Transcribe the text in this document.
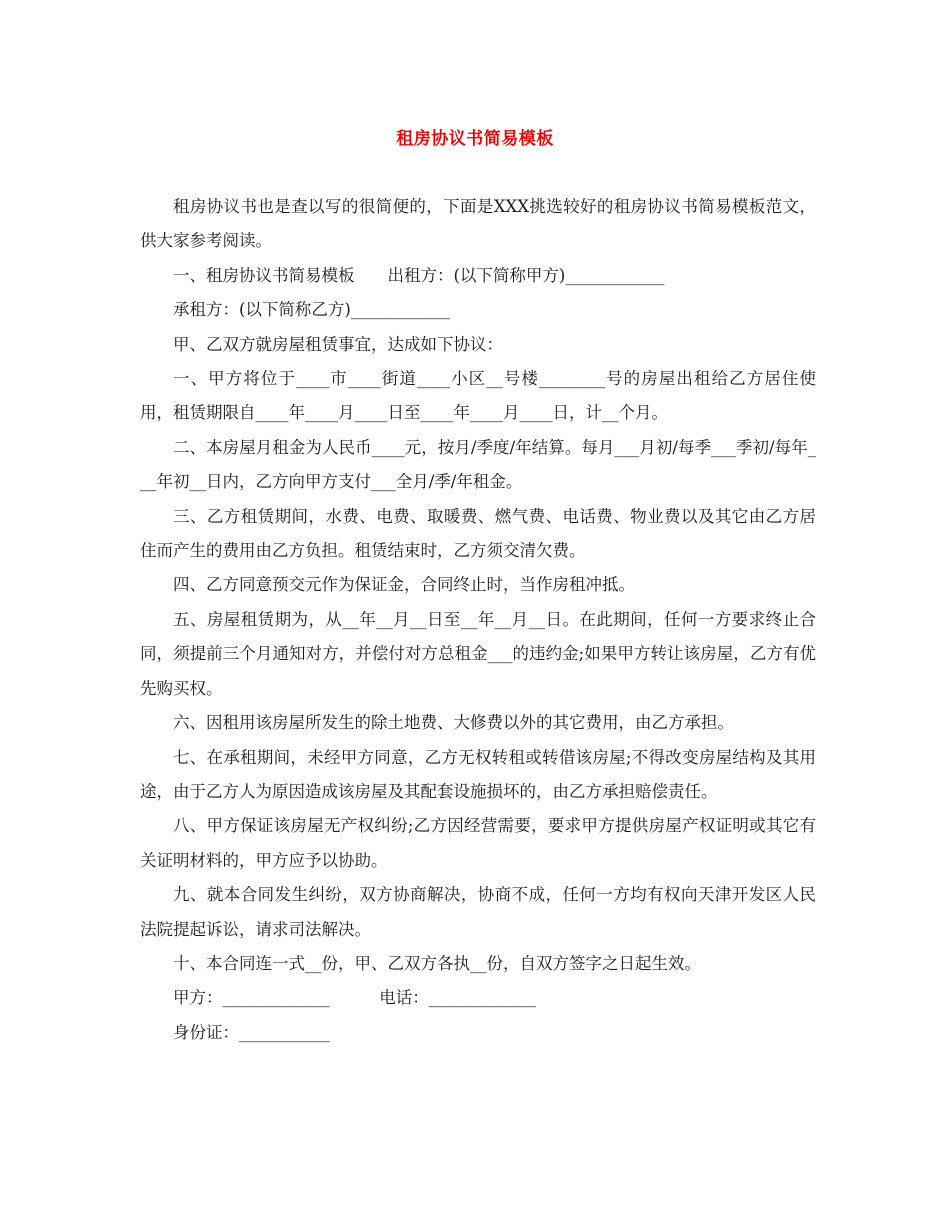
租房协议书简易模板

租房协议书也是查以写的很简便的，下面是XXX挑选较好的租房协议书简易模板范文，供大家参考阅读。

一、租房协议书简易模板　　出租方：(以下简称甲方)____________

承租方：(以下简称乙方)____________

甲、乙双方就房屋租赁事宜，达成如下协议：

一、甲方将位于____市____街道____小区__号楼________号的房屋出租给乙方居住使用，租赁期限自____年____月____日至____年____月____日，计__个月。

二、本房屋月租金为人民币____元，按月/季度/年结算。每月___月初/每季___季初/每年___年初__日内，乙方向甲方支付___全月/季/年租金。

三、乙方租赁期间，水费、电费、取暖费、燃气费、电话费、物业费以及其它由乙方居住而产生的费用由乙方负担。租赁结束时，乙方须交清欠费。

四、乙方同意预交元作为保证金，合同终止时，当作房租冲抵。

五、房屋租赁期为，从__年__月__日至__年__月__日。在此期间，任何一方要求终止合同，须提前三个月通知对方，并偿付对方总租金___的违约金;如果甲方转让该房屋，乙方有优先购买权。

六、因租用该房屋所发生的除土地费、大修费以外的其它费用，由乙方承担。

七、在承租期间，未经甲方同意，乙方无权转租或转借该房屋;不得改变房屋结构及其用途，由于乙方人为原因造成该房屋及其配套设施损坏的，由乙方承担赔偿责任。

八、甲方保证该房屋无产权纠纷;乙方因经营需要，要求甲方提供房屋产权证明或其它有关证明材料的，甲方应予以协助。

九、就本合同发生纠纷，双方协商解决，协商不成，任何一方均有权向天津开发区人民法院提起诉讼，请求司法解决。

十、本合同连一式__份，甲、乙双方各执__份，自双方签字之日起生效。

甲方：_____________　　　电话：_____________

身份证：___________
